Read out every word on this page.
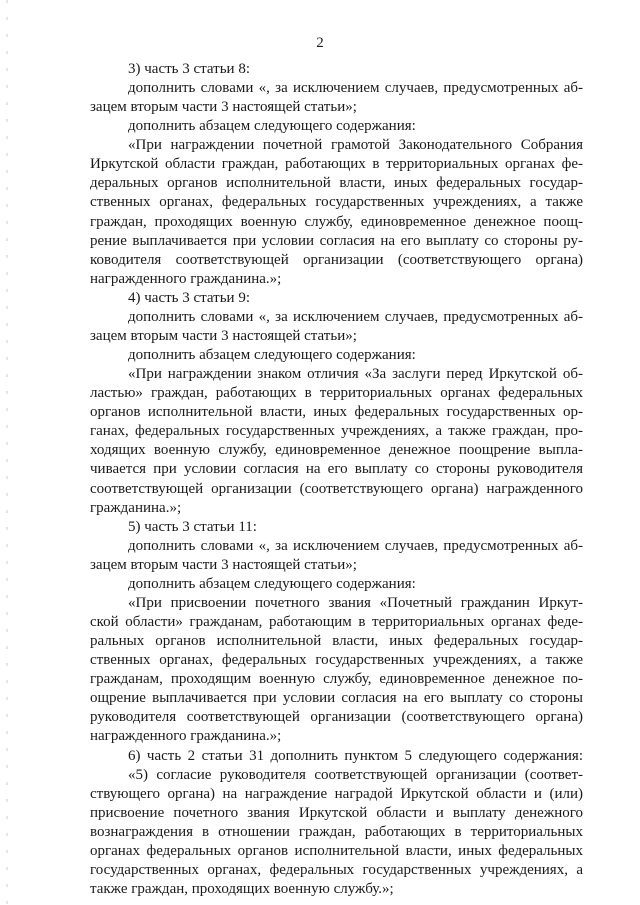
2
3) часть 3 статьи 8:
дополнить словами «, за исключением случаев, предусмотренных аб-
зацем вторым части 3 настоящей статьи»;
дополнить абзацем следующего содержания:
«При награждении почетной грамотой Законодательного Собрания
Иркутской области граждан, работающих в территориальных органах фе-
деральных органов исполнительной власти, иных федеральных государ-
ственных органах, федеральных государственных учреждениях, а также
граждан, проходящих военную службу, единовременное денежное поощ-
рение выплачивается при условии согласия на его выплату со стороны ру-
ководителя соответствующей организации (соответствующего органа)
награжденного гражданина.»;
4) часть 3 статьи 9:
дополнить словами «, за исключением случаев, предусмотренных аб-
зацем вторым части 3 настоящей статьи»;
дополнить абзацем следующего содержания:
«При награждении знаком отличия «За заслуги перед Иркутской об-
ластью» граждан, работающих в территориальных органах федеральных
органов исполнительной власти, иных федеральных государственных ор-
ганах, федеральных государственных учреждениях, а также граждан, про-
ходящих военную службу, единовременное денежное поощрение выпла-
чивается при условии согласия на его выплату со стороны руководителя
соответствующей организации (соответствующего органа) награжденного
гражданина.»;
5) часть 3 статьи 11:
дополнить словами «, за исключением случаев, предусмотренных аб-
зацем вторым части 3 настоящей статьи»;
дополнить абзацем следующего содержания:
«При присвоении почетного звания «Почетный гражданин Иркут-
ской области» гражданам, работающим в территориальных органах феде-
ральных органов исполнительной власти, иных федеральных государ-
ственных органах, федеральных государственных учреждениях, а также
гражданам, проходящим военную службу, единовременное денежное по-
ощрение выплачивается при условии согласия на его выплату со стороны
руководителя соответствующей организации (соответствующего органа)
награжденного гражданина.»;
6) часть 2 статьи 31 дополнить пунктом 5 следующего содержания:
«5) согласие руководителя соответствующей организации (соответ-
ствующего органа) на награждение наградой Иркутской области и (или)
присвоение почетного звания Иркутской области и выплату денежного
вознаграждения в отношении граждан, работающих в территориальных
органах федеральных органов исполнительной власти, иных федеральных
государственных органах, федеральных государственных учреждениях, а
также граждан, проходящих военную службу.»;
